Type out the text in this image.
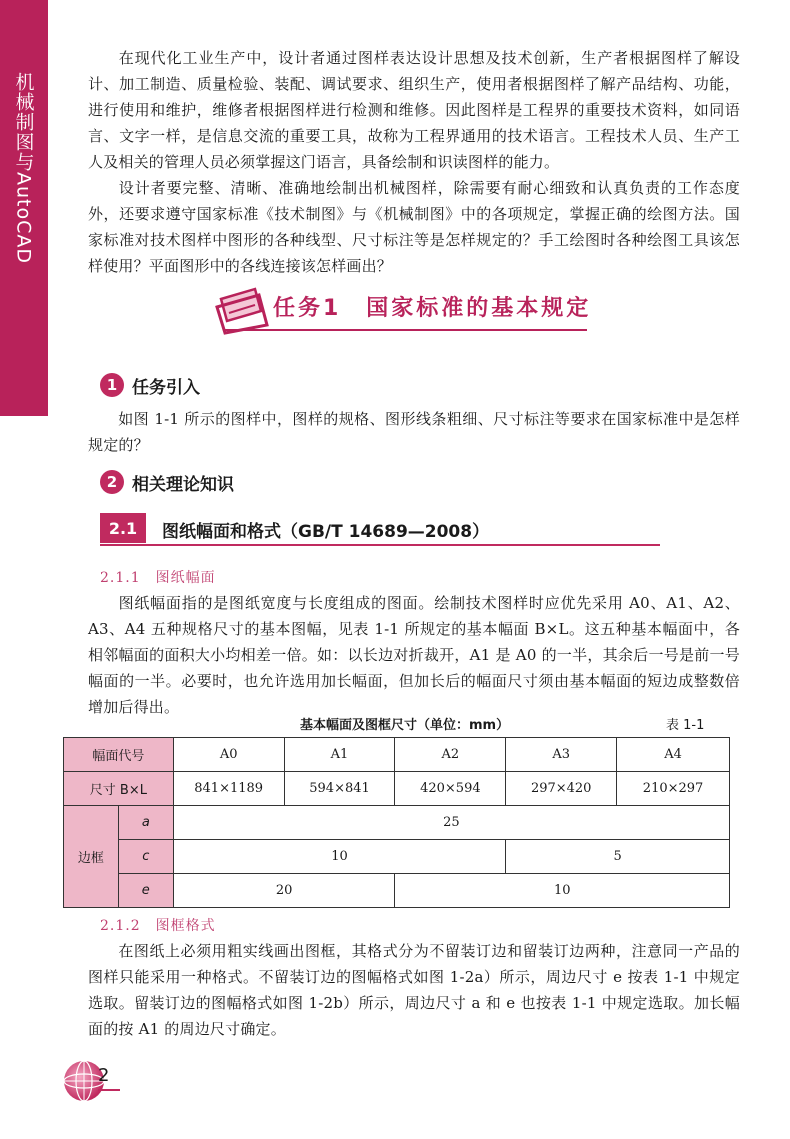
机械制图与AutoCAD

在现代化工业生产中，设计者通过图样表达设计思想及技术创新，生产者根据图样了解设计、加工制造、质量检验、装配、调试要求、组织生产，使用者根据图样了解产品结构、功能，进行使用和维护，维修者根据图样进行检测和维修。因此图样是工程界的重要技术资料，如同语言、文字一样，是信息交流的重要工具，故称为工程界通用的技术语言。工程技术人员、生产工人及相关的管理人员必须掌握这门语言，具备绘制和识读图样的能力。

设计者要完整、清晰、准确地绘制出机械图样，除需要有耐心细致和认真负责的工作态度外，还要求遵守国家标准《技术制图》与《机械制图》中的各项规定，掌握正确的绘图方法。国家标准对技术图样中图形的各种线型、尺寸标注等是怎样规定的？手工绘图时各种绘图工具该怎样使用？平面图形中的各线连接该怎样画出？

任务1　国家标准的基本规定
1 任务引入

如图 1-1 所示的图样中，图样的规格、图形线条粗细、尺寸标注等要求在国家标准中是怎样规定的？

2 相关理论知识
2.1	图纸幅面和格式（GB/T 14689—2008）
2.1.1　图纸幅面

图纸幅面指的是图纸宽度与长度组成的图面。绘制技术图样时应优先采用 A0、A1、A2、A3、A4 五种规格尺寸的基本图幅，见表 1-1 所规定的基本幅面 B×L。这五种基本幅面中，各相邻幅面的面积大小均相差一倍。如：以长边对折裁开，A1 是 A0 的一半，其余后一号是前一号幅面的一半。必要时，也允许选用加长幅面，但加长后的幅面尺寸须由基本幅面的短边成整数倍增加后得出。

基本幅面及图框尺寸（单位：mm）	表 1-1
幅面代号		A0	A1	A2	A3	A4
尺寸 B×L		841×1189	594×841	420×594	297×420	210×297
边框	a	25				
	c	10			5	
	e	20		10		
2.1.2　图框格式

在图纸上必须用粗实线画出图框，其格式分为不留装订边和留装订边两种，注意同一产品的图样只能采用一种格式。不留装订边的图幅格式如图 1-2a）所示，周边尺寸 e 按表 1-1 中规定选取。留装订边的图幅格式如图 1-2b）所示，周边尺寸 a 和 e 也按表 1-1 中规定选取。加长幅面的按 A1 的周边尺寸确定。

2
